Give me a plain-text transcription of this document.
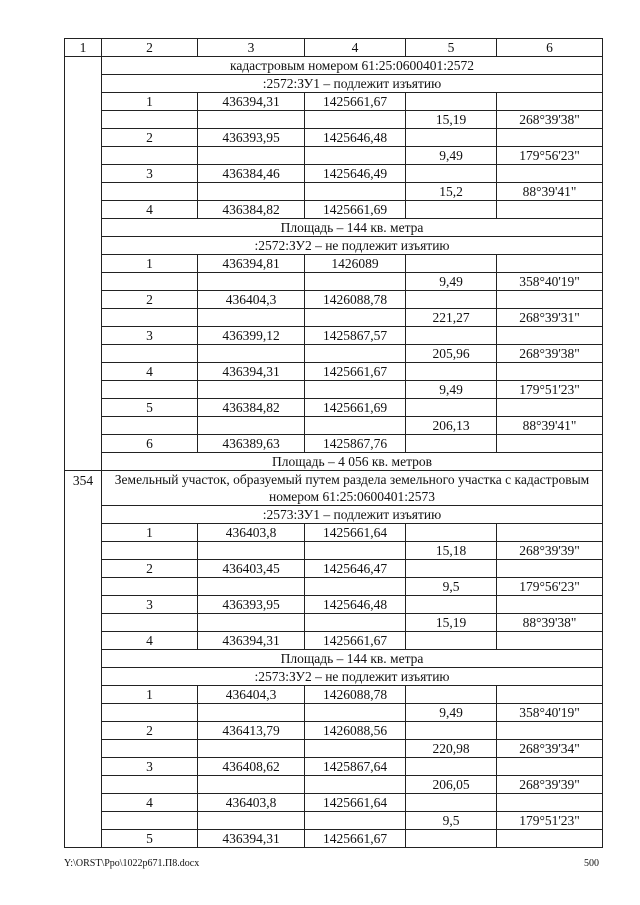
1	2	3	4	5	6
	кадастровым номером 61:25:0600401:2572				
	:2572:ЗУ1 – подлежит изъятию				
	1	436394,31	1425661,67		
				15,19	268°39'38"
	2	436393,95	1425646,48		
				9,49	179°56'23"
	3	436384,46	1425646,49		
				15,2	88°39'41"
	4	436384,82	1425661,69		
	Площадь – 144 кв. метра				
	:2572:ЗУ2 – не подлежит изъятию				
	1	436394,81	1426089		
				9,49	358°40'19"
	2	436404,3	1426088,78		
				221,27	268°39'31"
	3	436399,12	1425867,57		
				205,96	268°39'38"
	4	436394,31	1425661,67		
				9,49	179°51'23"
	5	436384,82	1425661,69		
				206,13	88°39'41"
	6	436389,63	1425867,76		
	Площадь – 4 056 кв. метров				
354	Земельный участок, образуемый путем раздела земельного участка с кадастровым номером 61:25:0600401:2573				
	:2573:ЗУ1 – подлежит изъятию				
	1	436403,8	1425661,64		
				15,18	268°39'39"
	2	436403,45	1425646,47		
				9,5	179°56'23"
	3	436393,95	1425646,48		
				15,19	88°39'38"
	4	436394,31	1425661,67		
	Площадь – 144 кв. метра				
	:2573:ЗУ2 – не подлежит изъятию				
	1	436404,3	1426088,78		
				9,49	358°40'19"
	2	436413,79	1426088,56		
				220,98	268°39'34"
	3	436408,62	1425867,64		
				206,05	268°39'39"
	4	436403,8	1425661,64		
				9,5	179°51'23"
	5	436394,31	1425661,67		
Y:\ORST\Ppo\1022p671.П8.docx	500
